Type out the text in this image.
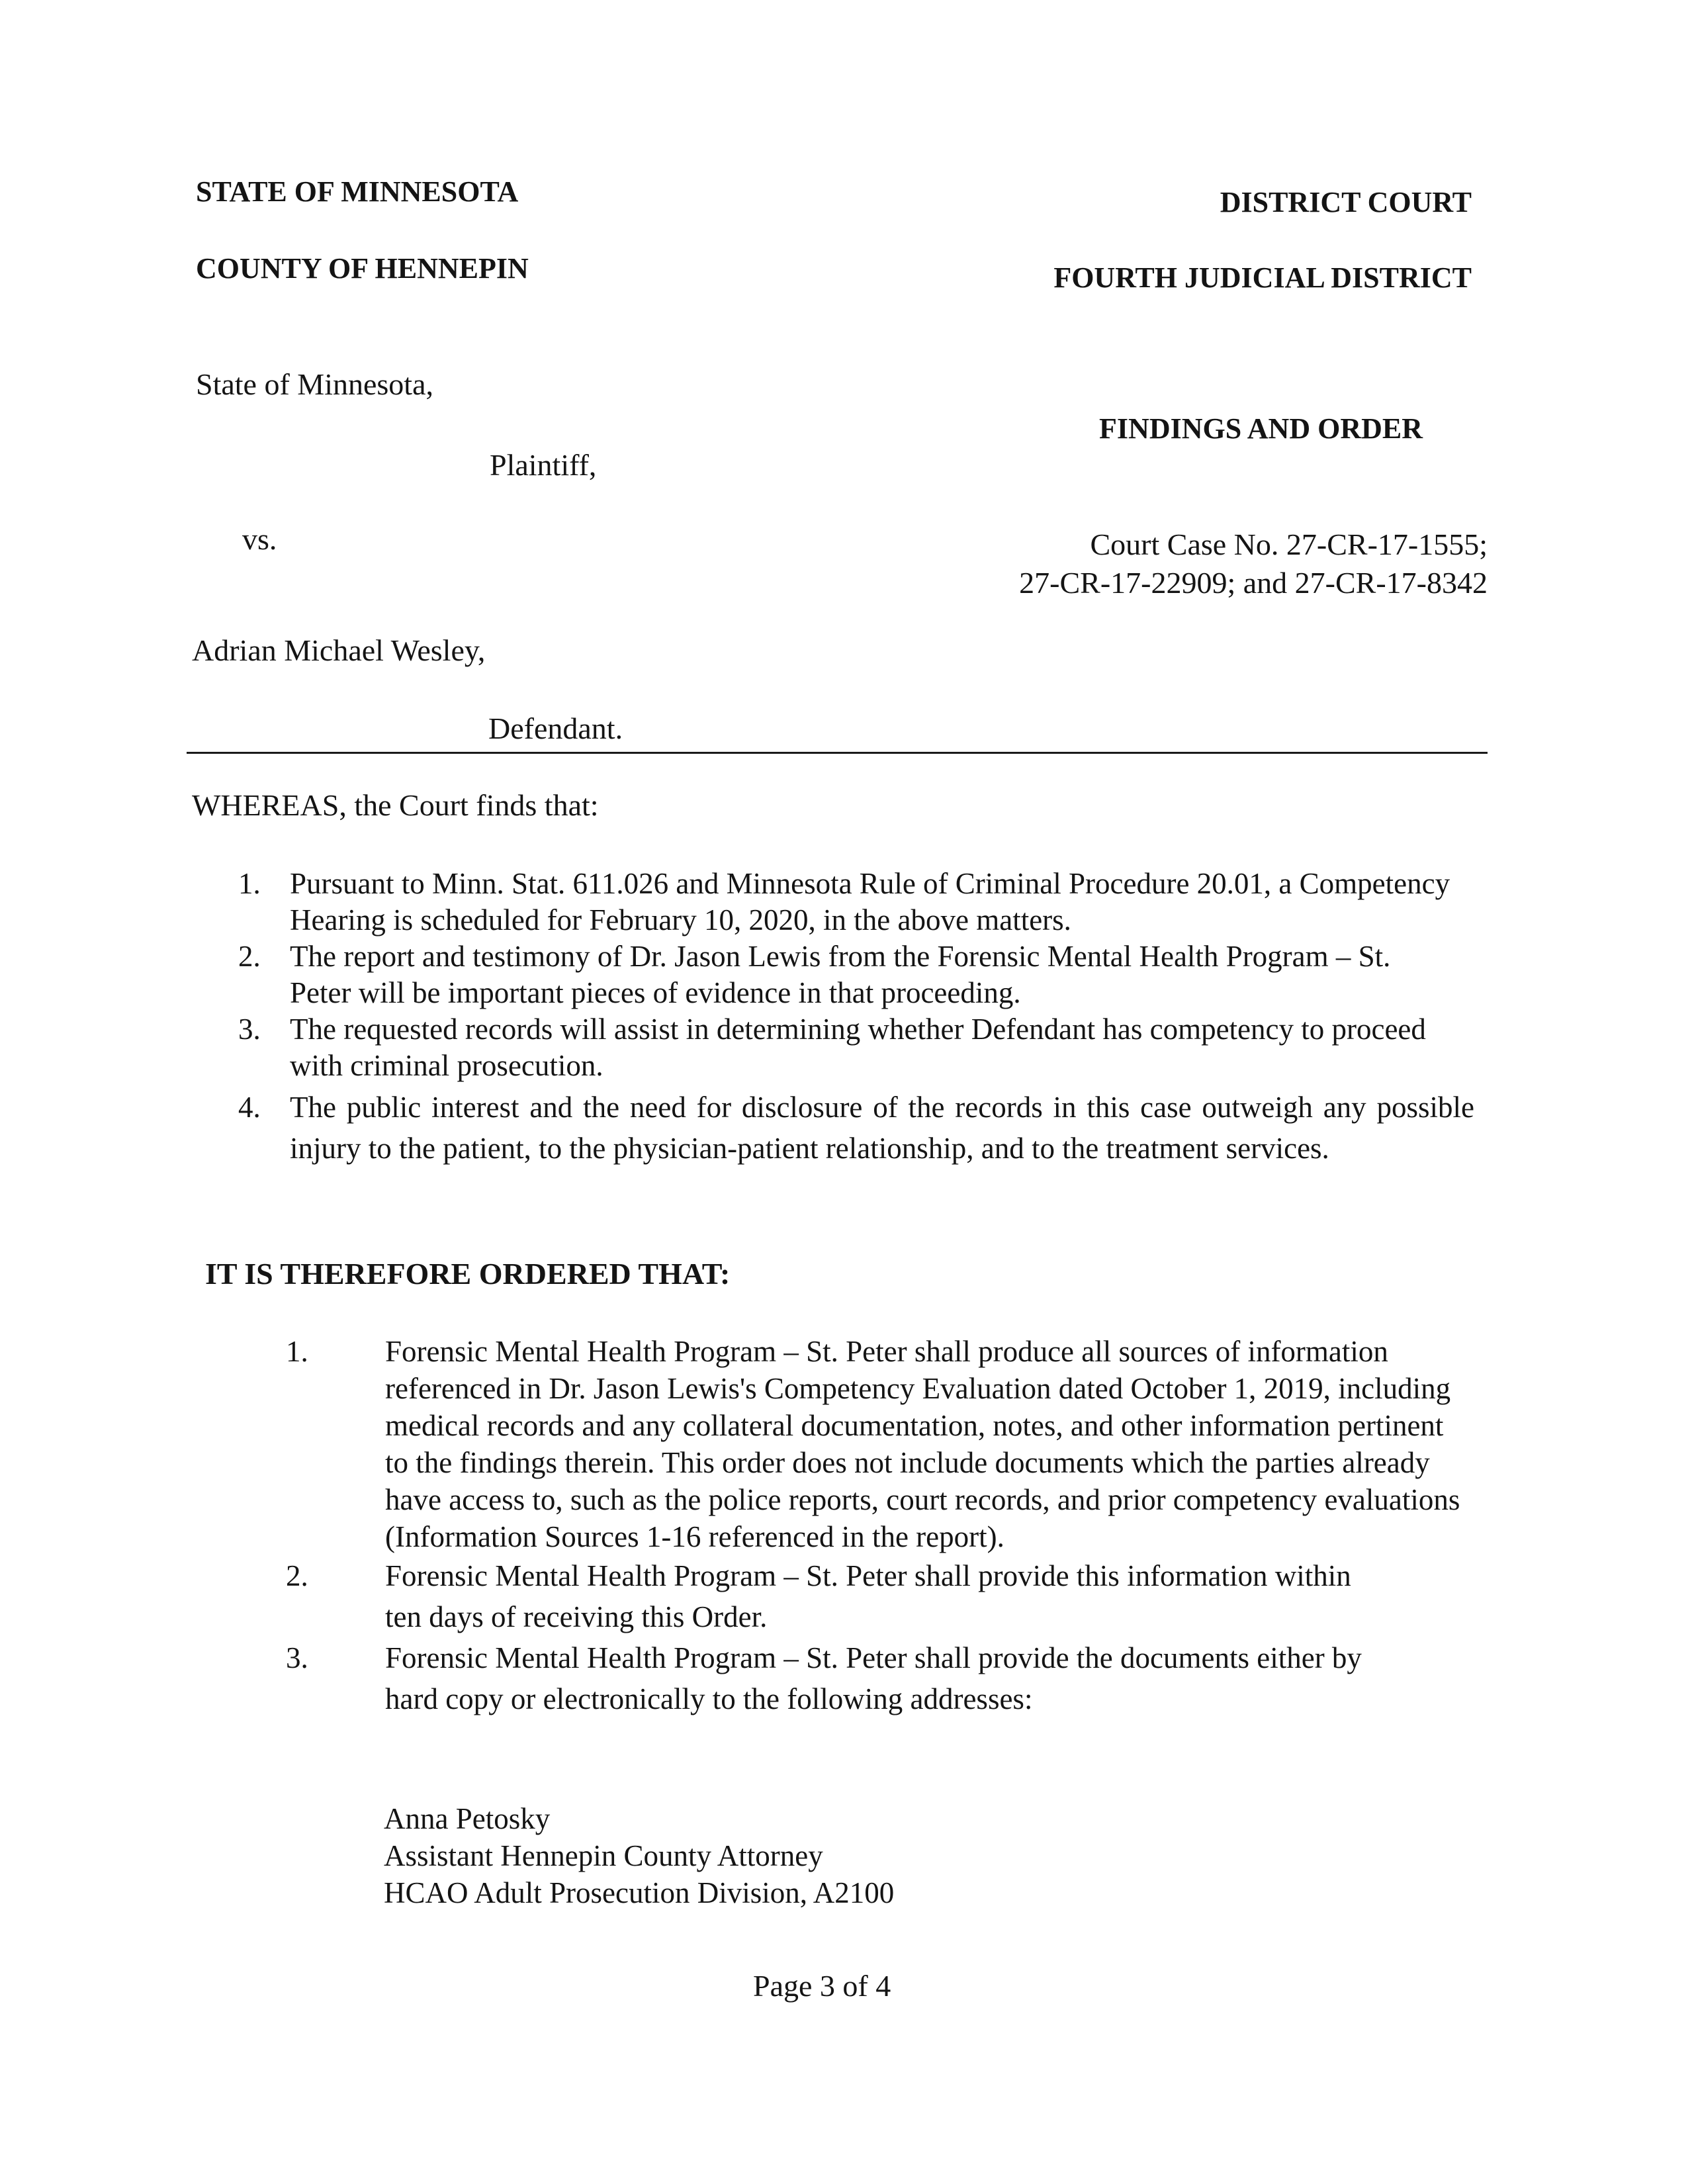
STATE OF MINNESOTA
COUNTY OF HENNEPIN
DISTRICT COURT
FOURTH JUDICIAL DISTRICT
State of Minnesota,
Plaintiff,
vs.
Adrian Michael Wesley,
Defendant.
FINDINGS AND ORDER
Court Case No. 27-CR-17-1555;
27-CR-17-22909; and 27-CR-17-8342
WHEREAS, the Court finds that:
1. Pursuant to Minn. Stat. 611.026 and Minnesota Rule of Criminal Procedure 20.01, a Competency Hearing is scheduled for February 10, 2020, in the above matters.
2. The report and testimony of Dr. Jason Lewis from the Forensic Mental Health Program – St. Peter will be important pieces of evidence in that proceeding.
3. The requested records will assist in determining whether Defendant has competency to proceed with criminal prosecution.
4. The public interest and the need for disclosure of the records in this case outweigh any possible injury to the patient, to the physician-patient relationship, and to the treatment services.
IT IS THEREFORE ORDERED THAT:
1.	Forensic Mental Health Program – St. Peter shall produce all sources of information referenced in Dr. Jason Lewis's Competency Evaluation dated October 1, 2019, including medical records and any collateral documentation, notes, and other information pertinent to the findings therein. This order does not include documents which the parties already have access to, such as the police reports, court records, and prior competency evaluations (Information Sources 1-16 referenced in the report).
2.	Forensic Mental Health Program – St. Peter shall provide this information within ten days of receiving this Order.
3.	Forensic Mental Health Program – St. Peter shall provide the documents either by hard copy or electronically to the following addresses:
Anna Petosky
Assistant Hennepin County Attorney
HCAO Adult Prosecution Division, A2100
Page 3 of 4
